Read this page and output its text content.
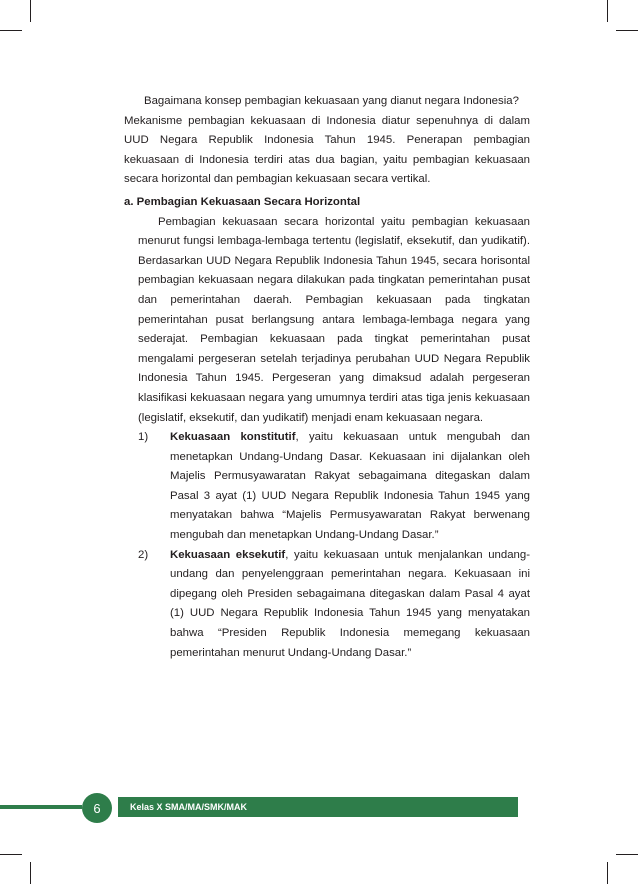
Bagaimana konsep pembagian kekuasaan yang dianut negara Indonesia?

Mekanisme pembagian kekuasaan di Indonesia diatur sepenuhnya di dalam UUD Negara Republik Indonesia Tahun 1945. Penerapan pembagian kekuasaan di Indonesia terdiri atas dua bagian, yaitu pembagian kekuasaan secara horizontal dan pembagian kekuasaan secara vertikal.

a. Pembagian Kekuasaan Secara Horizontal

Pembagian kekuasaan secara horizontal yaitu pembagian kekuasaan menurut fungsi lembaga-lembaga tertentu (legislatif, eksekutif, dan yudikatif). Berdasarkan UUD Negara Republik Indonesia Tahun 1945, secara horisontal pembagian kekuasaan negara dilakukan pada tingkatan pemerintahan pusat dan pemerintahan daerah. Pembagian kekuasaan pada tingkatan pemerintahan pusat berlangsung antara lembaga-lembaga negara yang sederajat. Pembagian kekuasaan pada tingkat pemerintahan pusat mengalami pergeseran setelah terjadinya perubahan UUD Negara Republik Indonesia Tahun 1945. Pergeseran yang dimaksud adalah pergeseran klasifikasi kekuasaan negara yang umumnya terdiri atas tiga jenis kekuasaan (legislatif, eksekutif, dan yudikatif) menjadi enam kekuasaan negara.

1) Kekuasaan konstitutif, yaitu kekuasaan untuk mengubah dan menetapkan Undang-Undang Dasar. Kekuasaan ini dijalankan oleh Majelis Permusyawaratan Rakyat sebagaimana ditegaskan dalam Pasal 3 ayat (1) UUD Negara Republik Indonesia Tahun 1945 yang menyatakan bahwa “Majelis Permusyawaratan Rakyat berwenang mengubah dan menetapkan Undang-Undang Dasar.”
2) Kekuasaan eksekutif, yaitu kekuasaan untuk menjalankan undang-undang dan penyelenggraan pemerintahan negara. Kekuasaan ini dipegang oleh Presiden sebagaimana ditegaskan dalam Pasal 4 ayat (1) UUD Negara Republik Indonesia Tahun 1945 yang menyatakan bahwa “Presiden Republik Indonesia memegang kekuasaan pemerintahan menurut Undang-Undang Dasar.”
6	Kelas X SMA/MA/SMK/MAK
